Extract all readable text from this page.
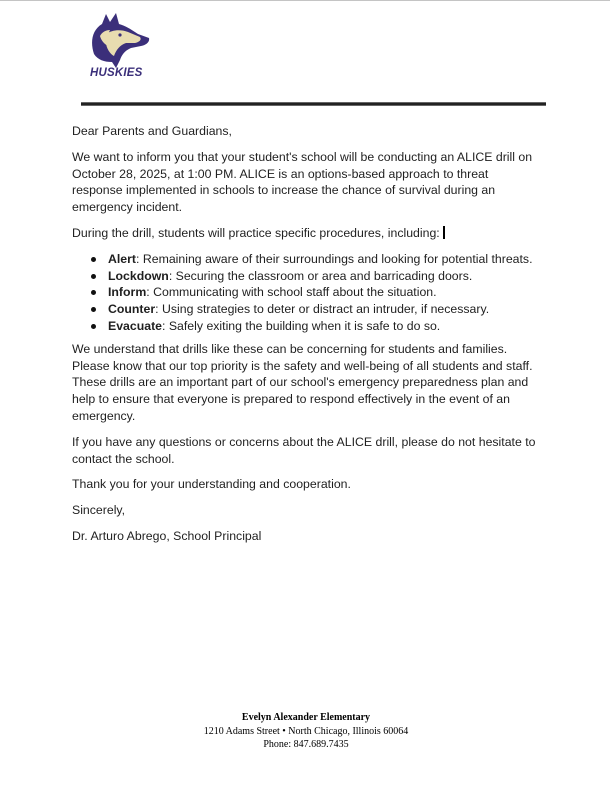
HUSKIES

Dear Parents and Guardians,

We want to inform you that your student's school will be conducting an ALICE drill on October 28, 2025, at 1:00 PM. ALICE is an options-based approach to threat response implemented in schools to increase the chance of survival during an emergency incident.

During the drill, students will practice specific procedures, including:

Alert: Remaining aware of their surroundings and looking for potential threats.
Lockdown: Securing the classroom or area and barricading doors.
Inform: Communicating with school staff about the situation.
Counter: Using strategies to deter or distract an intruder, if necessary.
Evacuate: Safely exiting the building when it is safe to do so.

We understand that drills like these can be concerning for students and families. Please know that our top priority is the safety and well-being of all students and staff. These drills are an important part of our school's emergency preparedness plan and help to ensure that everyone is prepared to respond effectively in the event of an emergency.

If you have any questions or concerns about the ALICE drill, please do not hesitate to contact the school.

Thank you for your understanding and cooperation.

Sincerely,

Dr. Arturo Abrego, School Principal

Evelyn Alexander Elementary
1210 Adams Street • North Chicago, Illinois 60064
Phone: 847.689.7435
